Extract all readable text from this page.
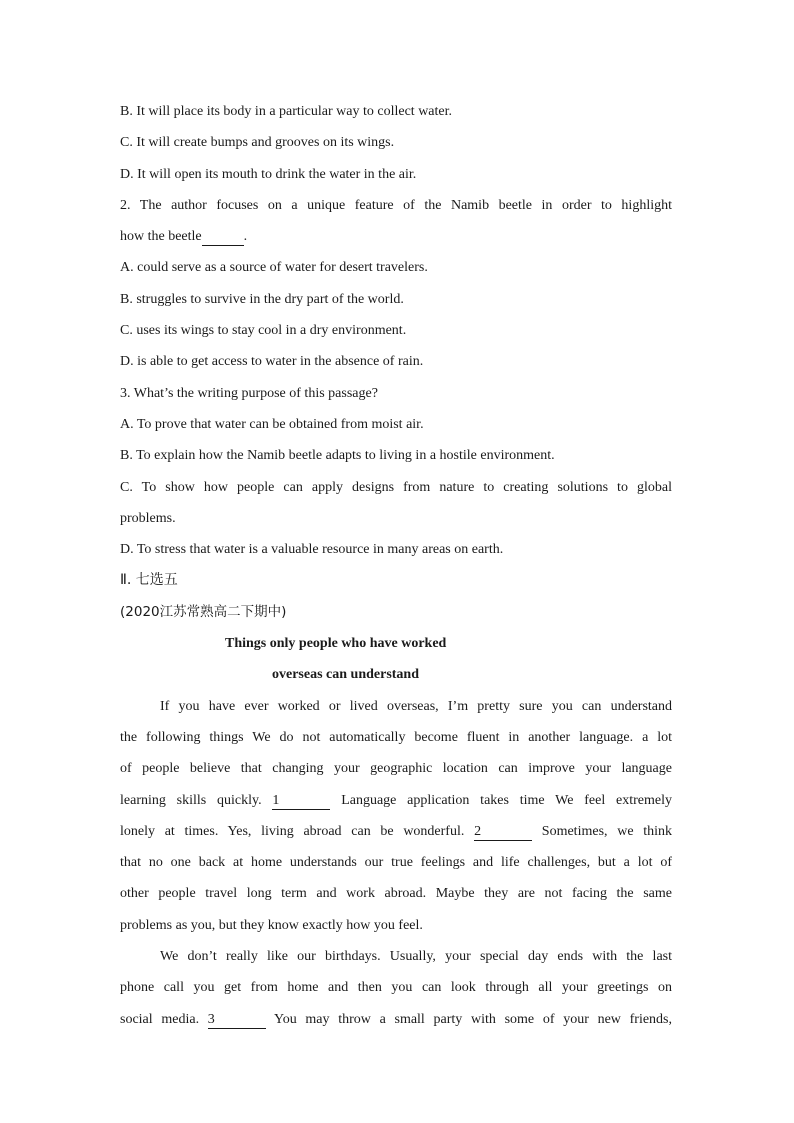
B. It will place its body in a particular way to collect water.
C. It will create bumps and grooves on its wings.
D. It will open its mouth to drink the water in the air.
2. The author focuses on a unique feature of the Namib beetle in order to highlight
how the beetle	.
A. could serve as a source of water for desert travelers.
B. struggles to survive in the dry part of the world.
C. uses its wings to stay cool in a dry environment.
D. is able to get access to water in the absence of rain.
3. What’s the writing purpose of this passage?
A. To prove that water can be obtained from moist air.
B. To explain how the Namib beetle adapts to living in a hostile environment.
C. To show how people can apply designs from nature to creating solutions to global
problems.
D. To stress that water is a valuable resource in many areas on earth.
Ⅱ. 七选五
(2020江苏常熟高二下期中)
Things only people who have worked
overseas can understand
If you have ever worked or lived overseas, I’m pretty sure you can understand
the following things We do not automatically become fluent in another language. a lot
of people believe that changing your geographic location can improve your language
learning skills quickly. 1	Language application takes time We feel extremely
lonely at times. Yes, living abroad can be wonderful. 2	Sometimes, we think
that no one back at home understands our true feelings and life challenges, but a lot of
other people travel long term and work abroad. Maybe they are not facing the same
problems as you, but they know exactly how you feel.
We don’t really like our birthdays. Usually, your special day ends with the last
phone call you get from home and then you can look through all your greetings on
social media. 3	You may throw a small party with some of your new friends,
